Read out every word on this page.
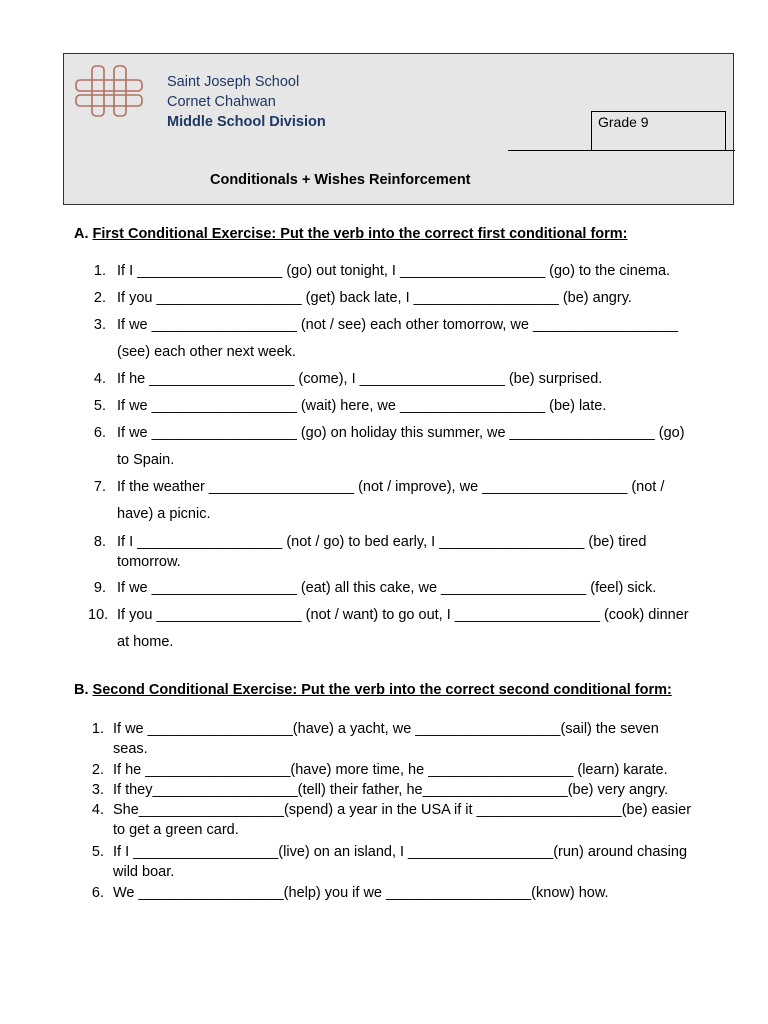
Saint Joseph School
Cornet Chahwan
Middle School Division	Grade 9
Conditionals + Wishes Reinforcement
A. First Conditional Exercise: Put the verb into the correct first conditional form:
1. If I __________________ (go) out tonight, I __________________ (go) to the cinema.
2. If you __________________ (get) back late, I __________________ (be) angry.
3. If we __________________ (not / see) each other tomorrow, we __________________
(see) each other next week.
4. If he __________________ (come), I __________________ (be) surprised.
5. If we __________________ (wait) here, we __________________ (be) late.
6. If we __________________ (go) on holiday this summer, we __________________ (go)
to Spain.
7. If the weather __________________ (not / improve), we __________________ (not /
have) a picnic.
8. If I __________________ (not / go) to bed early, I __________________ (be) tired
tomorrow.
9. If we __________________ (eat) all this cake, we __________________ (feel) sick.
10. If you __________________ (not / want) to go out, I __________________ (cook) dinner
at home.
B. Second Conditional Exercise: Put the verb into the correct second conditional form:
1. If we __________________(have) a yacht, we __________________(sail) the seven
seas.
2. If he __________________(have) more time, he __________________ (learn) karate.
3. If they__________________(tell) their father, he__________________(be) very angry.
4. She__________________(spend) a year in the USA if it __________________(be) easier
to get a green card.
5. If I __________________(live) on an island, I __________________(run) around chasing
wild boar.
6. We __________________(help) you if we __________________(know) how.
